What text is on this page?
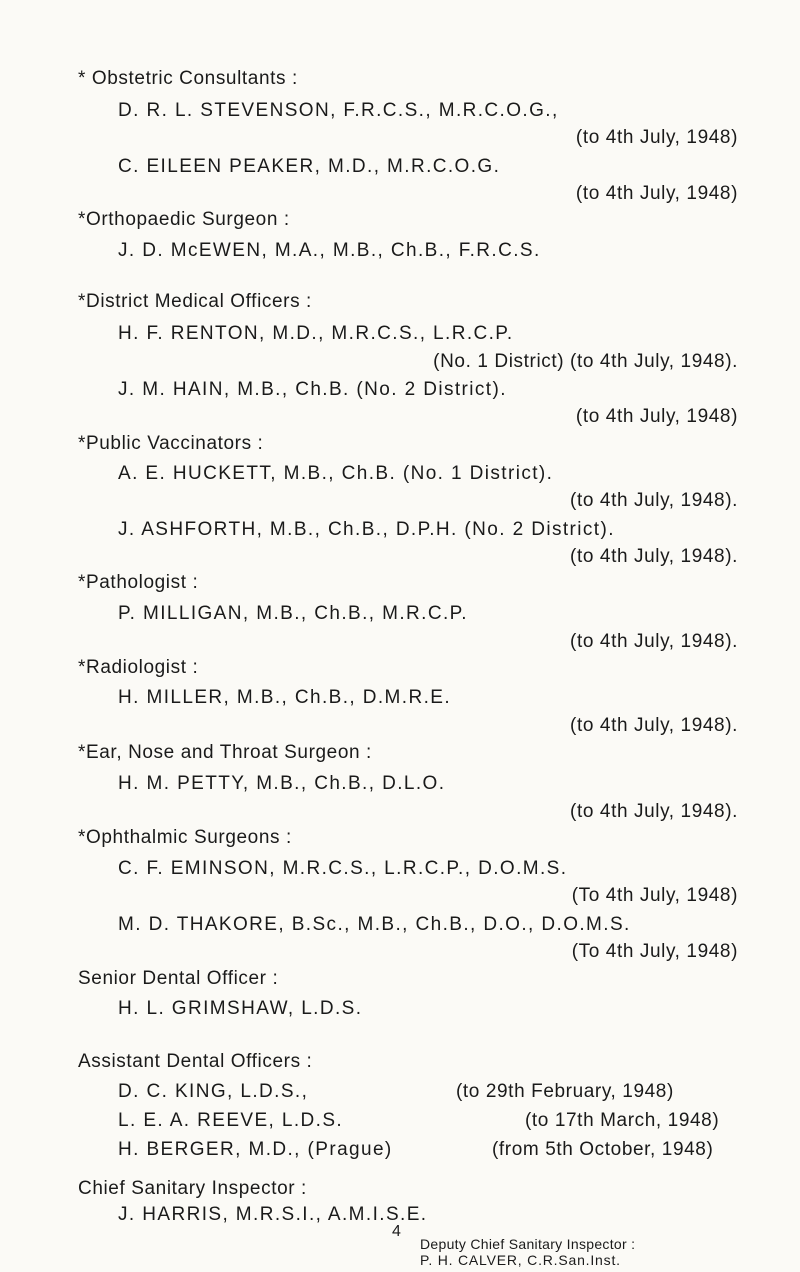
* Obstetric Consultants :
D. R. L. STEVENSON, F.R.C.S., M.R.C.O.G.,
(to 4th July, 1948)
C. EILEEN PEAKER, M.D., M.R.C.O.G.
(to 4th July, 1948)
*Orthopaedic Surgeon :
J. D. McEWEN, M.A., M.B., Ch.B., F.R.C.S.
*District Medical Officers :
H. F. RENTON, M.D., M.R.C.S., L.R.C.P.
(No. 1 District) (to 4th July, 1948).
J. M. HAIN, M.B., Ch.B. (No. 2 District).
(to 4th July, 1948)
*Public Vaccinators :
A. E. HUCKETT, M.B., Ch.B. (No. 1 District).
(to 4th July, 1948).
J. ASHFORTH, M.B., Ch.B., D.P.H. (No. 2 District).
(to 4th July, 1948).
*Pathologist :
P. MILLIGAN, M.B., Ch.B., M.R.C.P.
(to 4th July, 1948).
*Radiologist :
H. MILLER, M.B., Ch.B., D.M.R.E.
(to 4th July, 1948).
*Ear, Nose and Throat Surgeon :
H. M. PETTY, M.B., Ch.B., D.L.O.
(to 4th July, 1948).
*Ophthalmic Surgeons :
C. F. EMINSON, M.R.C.S., L.R.C.P., D.O.M.S.
(To 4th July, 1948)
M. D. THAKORE, B.Sc., M.B., Ch.B., D.O., D.O.M.S.
(To 4th July, 1948)
Senior Dental Officer :
H. L. GRIMSHAW, L.D.S.
Assistant Dental Officers :
D. C. KING, L.D.S.,	(to 29th February, 1948)
L. E. A. REEVE, L.D.S.	(to 17th March, 1948)
H. BERGER, M.D., (Prague)	(from 5th October, 1948)
Chief Sanitary Inspector :
J. HARRIS, M.R.S.I., A.M.I.S.E.
Deputy Chief Sanitary Inspector :
P. H. CALVER, C.R.San.Inst.
4
